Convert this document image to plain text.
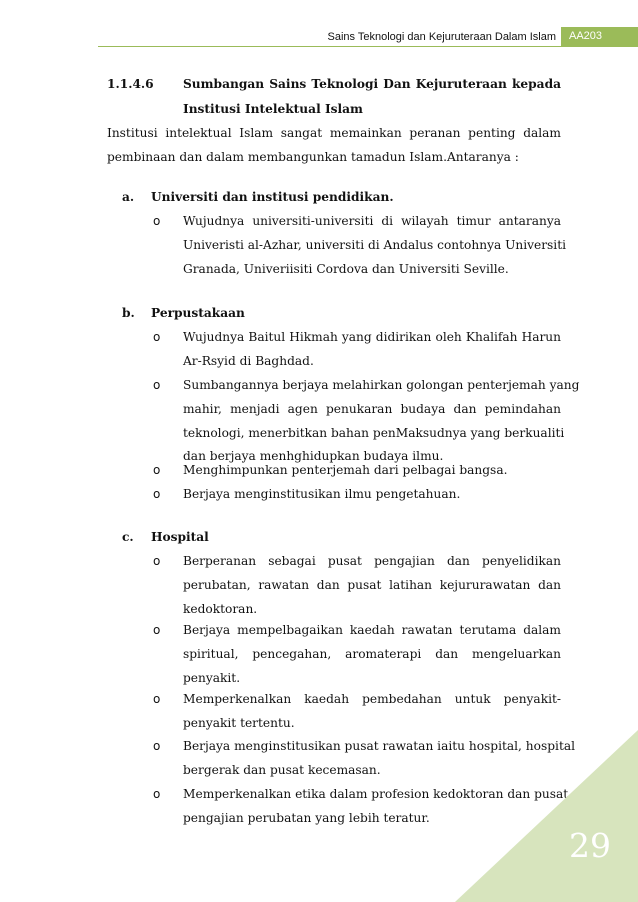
Sains Teknologi dan Kejuruteraan Dalam Islam	AA203
1.1.4.6 Sumbangan Sains Teknologi Dan Kejuruteraan kepada
Institusi Intelektual Islam
Institusi intelektual Islam sangat memainkan peranan penting dalam
pembinaan dan dalam membangunkan tamadun Islam.Antaranya :
a. Universiti dan institusi pendidikan.
o Wujudnya universiti-universiti di wilayah timur antaranya
Univeristi al-Azhar, universiti di Andalus contohnya Universiti
Granada, Univeriisiti Cordova dan Universiti Seville.
b. Perpustakaan
o Wujudnya Baitul Hikmah yang didirikan oleh Khalifah Harun
Ar-Rsyid di Baghdad.
o Sumbangannya berjaya melahirkan golongan penterjemah yang
mahir, menjadi agen penukaran budaya dan pemindahan
teknologi, menerbitkan bahan penMaksudnya yang berkualiti
dan berjaya menhghidupkan budaya ilmu.
o Menghimpunkan penterjemah dari pelbagai bangsa.
o Berjaya menginstitusikan ilmu pengetahuan.
c. Hospital
o Berperanan sebagai pusat pengajian dan penyelidikan
perubatan, rawatan dan pusat latihan kejururawatan dan
kedoktoran.
o Berjaya mempelbagaikan kaedah rawatan terutama dalam
spiritual, pencegahan, aromaterapi dan mengeluarkan
penyakit.
o Memperkenalkan kaedah pembedahan untuk penyakit-
penyakit tertentu.
o Berjaya menginstitusikan pusat rawatan iaitu hospital, hospital
bergerak dan pusat kecemasan.
o Memperkenalkan etika dalam profesion kedoktoran dan pusat
pengajian perubatan yang lebih teratur.
29
